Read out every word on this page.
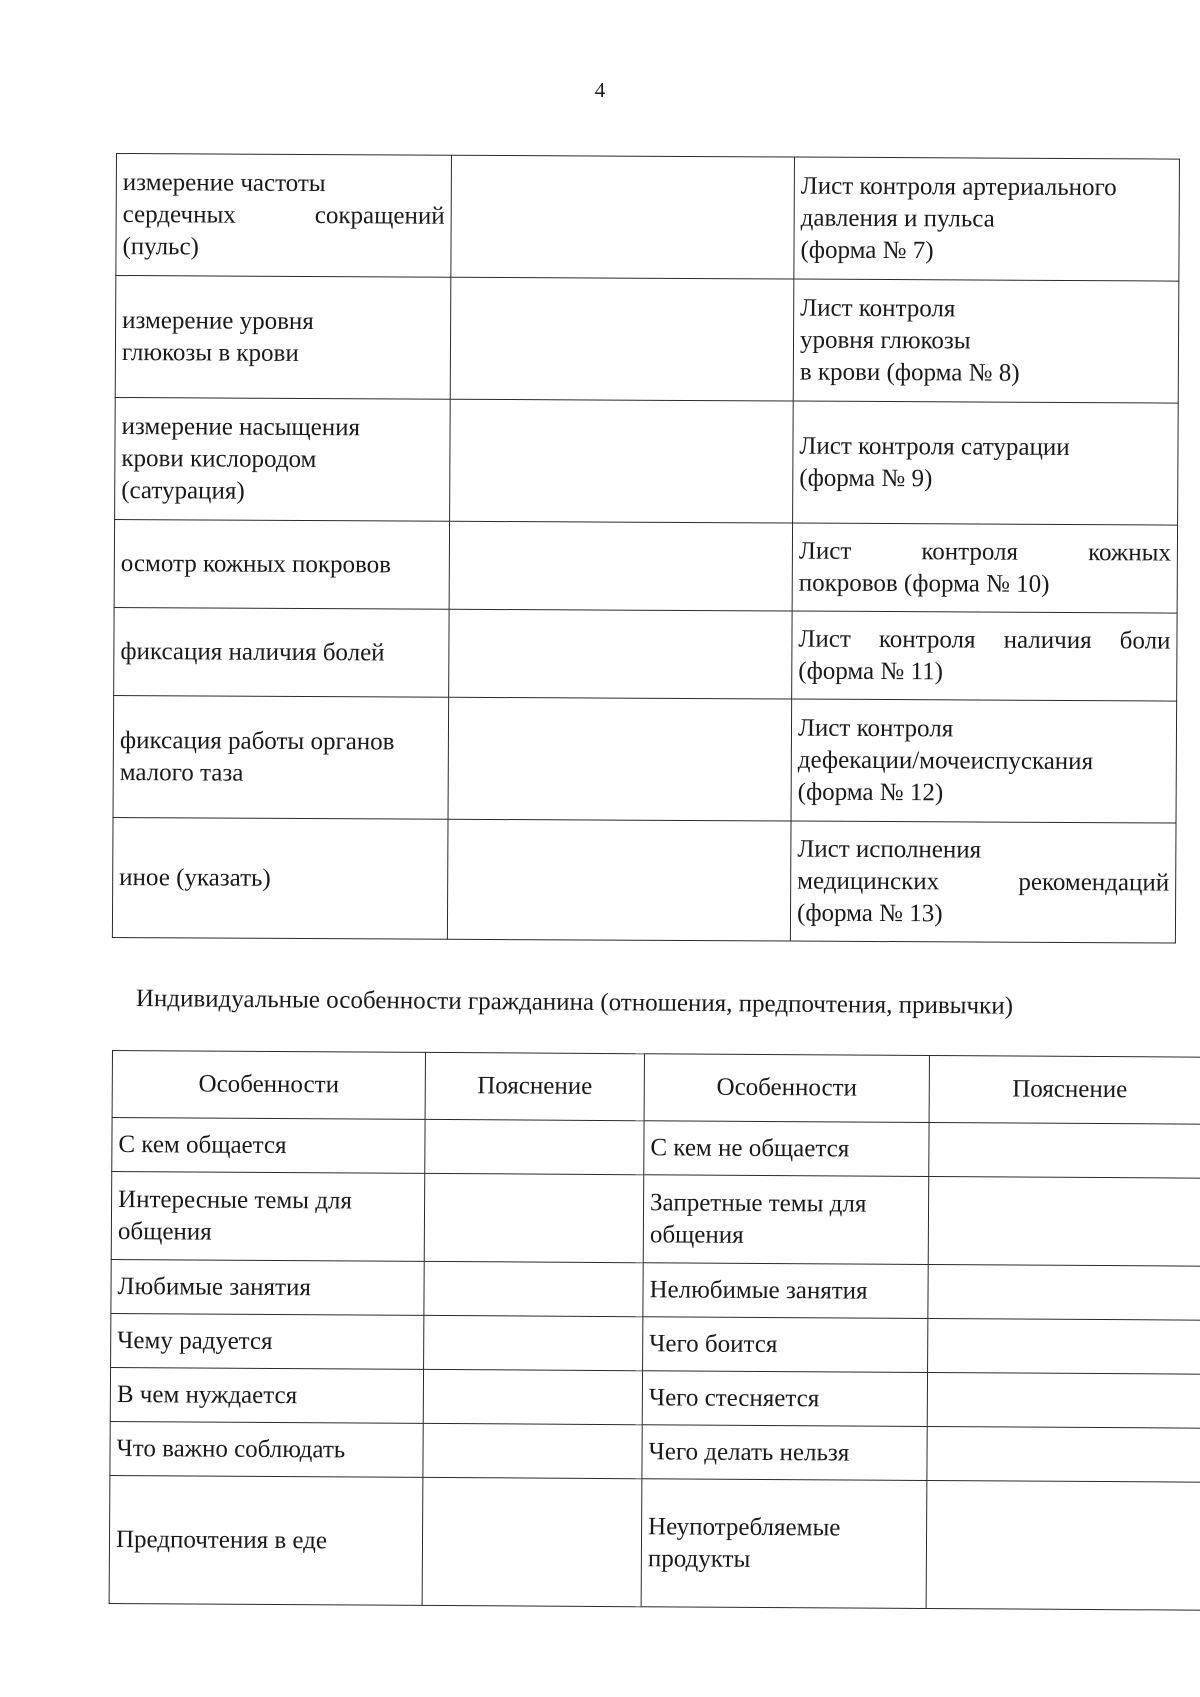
4
измерение частоты
сердечных сокращений
(пульс)		Лист контроля артериального
давления и пульса
(форма № 7)

измерение уровня
глюкозы в крови		Лист контроля
уровня глюкозы
в крови (форма № 8)

измерение насыщения
крови кислородом
(сатурация)		Лист контроля сатурации
(форма № 9)

осмотр кожных покровов		Лист контроля кожных
покровов (форма № 10)

фиксация наличия болей		Лист контроля наличия боли
(форма № 11)

фиксация работы органов
малого таза		Лист контроля
дефекации/мочеиспускания
(форма № 12)

иное (указать)		Лист исполнения
медицинских рекомендаций
(форма № 13)
Индивидуальные особенности гражданина (отношения, предпочтения, привычки)
Особенности	Пояснение	Особенности	Пояснение
С кем общается		С кем не общается	
Интересные темы для общения		Запретные темы для общения	
Любимые занятия		Нелюбимые занятия	
Чему радуется		Чего боится	
В чем нуждается		Чего стесняется	
Что важно соблюдать		Чего делать нельзя	
Предпочтения в еде		Неупотребляемые продукты	
